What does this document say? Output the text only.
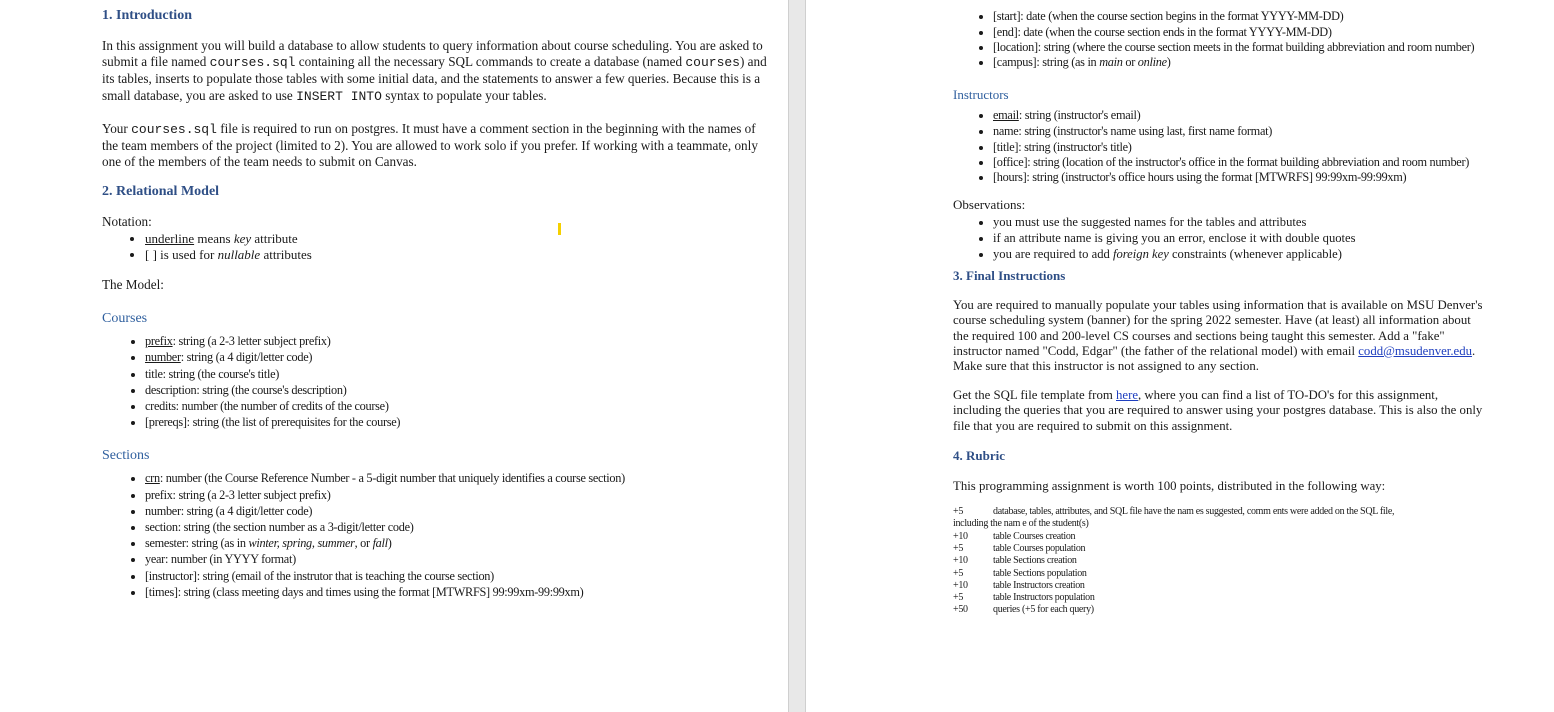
1. Introduction

In this assignment you will build a database to allow students to query information about course scheduling. You are asked to submit a file named courses.sql containing all the necessary SQL commands to create a database (named courses) and its tables, inserts to populate those tables with some initial data, and the statements to answer a few queries. Because this is a small database, you are asked to use INSERT INTO syntax to populate your tables.

Your courses.sql file is required to run on postgres. It must have a comment section in the beginning with the names of the team members of the project (limited to 2). You are allowed to work solo if you prefer. If working with a teammate, only one of the members of the team needs to submit on Canvas.

2. Relational Model

Notation:

• underline means key attribute
• [ ] is used for nullable attributes

The Model:

Courses
• prefix: string (a 2-3 letter subject prefix)
• number: string (a 4 digit/letter code)
• title: string (the course's title)
• description: string (the course's description)
• credits: number (the number of credits of the course)
• [prereqs]: string (the list of prerequisites for the course)
Sections
• crn: number (the Course Reference Number - a 5-digit number that uniquely identifies a course section)
• prefix: string (a 2-3 letter subject prefix)
• number: string (a 4 digit/letter code)
• section: string (the section number as a 3-digit/letter code)
• semester: string (as in winter, spring, summer, or fall)
• year: number (in YYYY format)
• [instructor]: string (email of the instrutor that is teaching the course section)
• [times]: string (class meeting days and times using the format [MTWRFS] 99:99xm-99:99xm)
• [start]: date (when the course section begins in the format YYYY-MM-DD)
• [end]: date (when the course section ends in the format YYYY-MM-DD)
• [location]: string (where the course section meets in the format building abbreviation and room number)
• [campus]: string (as in main or online)
Instructors
• email: string (instructor's email)
• name: string (instructor's name using last, first name format)
• [title]: string (instructor's title)
• [office]: string (location of the instructor's office in the format building abbreviation and room number)
• [hours]: string (instructor's office hours using the format [MTWRFS] 99:99xm-99:99xm)

Observations:

• you must use the suggested names for the tables and attributes
• if an attribute name is giving you an error, enclose it with double quotes
• you are required to add foreign key constraints (whenever applicable)
3. Final Instructions

You are required to manually populate your tables using information that is available on MSU Denver's course scheduling system (banner) for the spring 2022 semester. Have (at least) all information about the required 100 and 200-level CS courses and sections being taught this semester. Add a "fake" instructor named "Codd, Edgar" (the father of the relational model) with email codd@msudenver.edu. Make sure that this instructor is not assigned to any section.

Get the SQL file template from here, where you can find a list of TO-DO's for this assignment, including the queries that you are required to answer using your postgres database. This is also the only file that you are required to submit on this assignment.

4. Rubric

This programming assignment is worth 100 points, distributed in the following way:

+5	database, tables, attributes, and SQL file have the nam es suggested, comm ents were added on the SQL file,
including the nam e of the student(s)
+10	table Courses creation
+5	table Courses population
+10	table Sections creation
+5	table Sections population
+10	table Instructors creation
+5	table Instructors population
+50	queries (+5 for each query)
